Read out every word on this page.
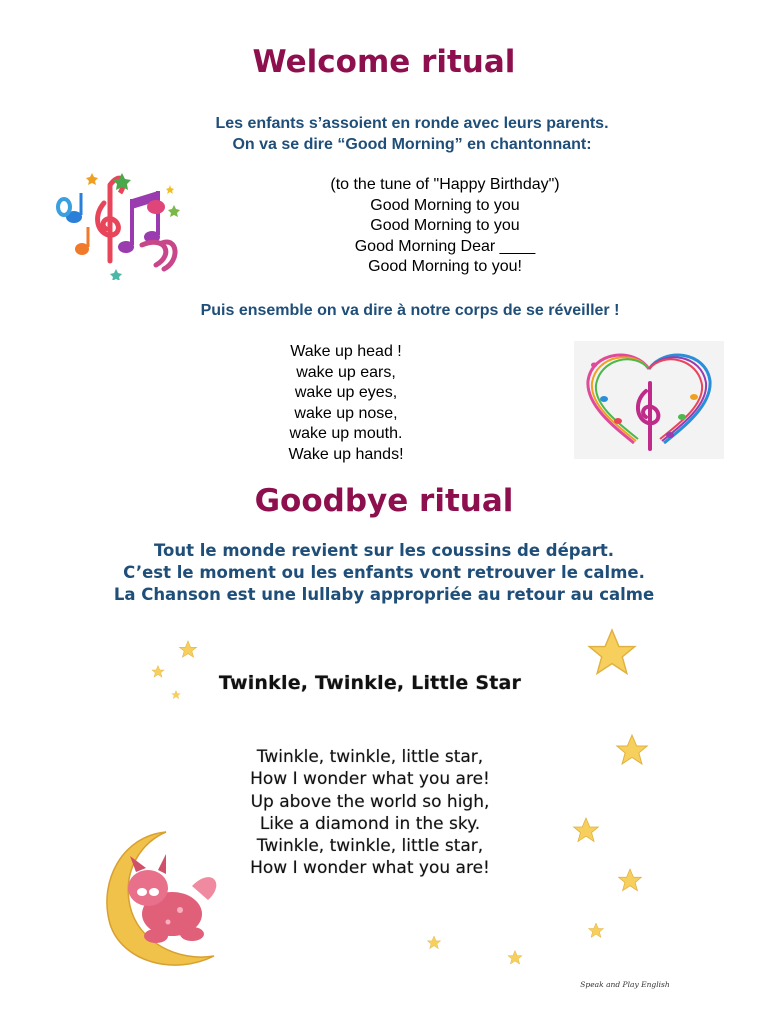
Welcome ritual
Les enfants s’assoient en ronde avec leurs parents.
On va se dire “Good Morning” en chantonnant:
(to the tune of "Happy Birthday")
Good Morning to you
Good Morning to you
Good Morning Dear ____
Good Morning to you!
Puis ensemble on va dire à notre corps de se réveiller !
Wake up head !
wake up ears,
wake up eyes,
wake up nose,
wake up mouth.
Wake up hands!
Goodbye ritual
Tout le monde revient sur les coussins de départ.
C’est le moment ou les enfants vont retrouver le calme.
La Chanson est une lullaby appropriée au retour au calme
Twinkle, Twinkle, Little Star
Twinkle, twinkle, little star,
How I wonder what you are!
Up above the world so high,
Like a diamond in the sky.
Twinkle, twinkle, little star,
How I wonder what you are!
Speak and Play English
